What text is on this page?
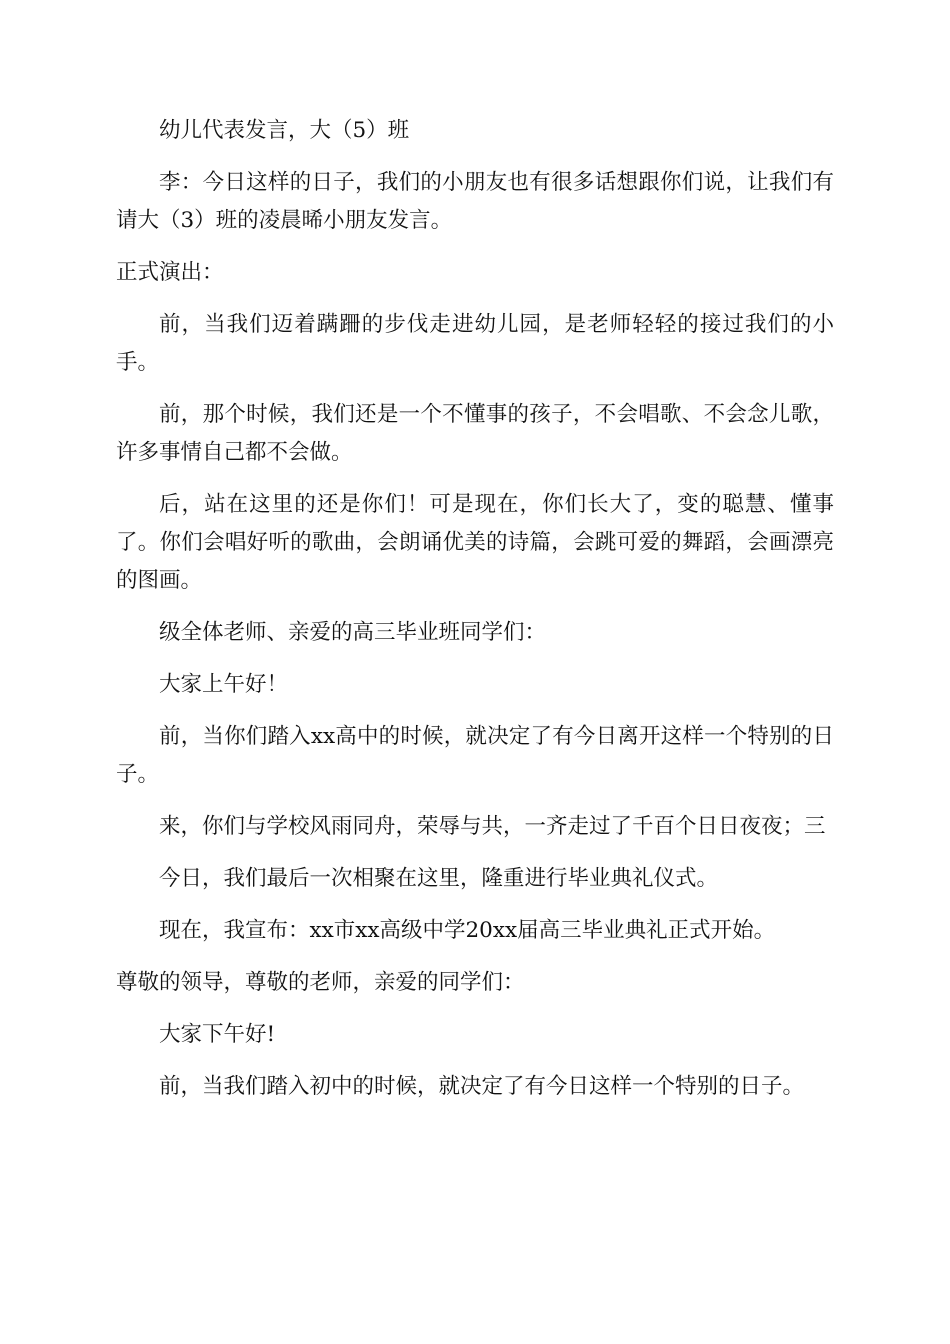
幼儿代表发言，大（5）班

李：今日这样的日子，我们的小朋友也有很多话想跟你们说，让我们有请大（3）班的凌晨晞小朋友发言。

正式演出：

前，当我们迈着蹒跚的步伐走进幼儿园，是老师轻轻的接过我们的小手。

前，那个时候，我们还是一个不懂事的孩子，不会唱歌、不会念儿歌，许多事情自己都不会做。

后，站在这里的还是你们！可是现在，你们长大了，变的聪慧、懂事了。你们会唱好听的歌曲，会朗诵优美的诗篇，会跳可爱的舞蹈，会画漂亮的图画。

级全体老师、亲爱的高三毕业班同学们：

大家上午好！

前，当你们踏入xx高中的时候，就决定了有今日离开这样一个特别的日子。

来，你们与学校风雨同舟，荣辱与共，一齐走过了千百个日日夜夜；三

今日，我们最后一次相聚在这里，隆重进行毕业典礼仪式。

现在，我宣布：xx市xx高级中学20xx届高三毕业典礼正式开始。

尊敬的领导，尊敬的老师，亲爱的同学们：

大家下午好!

前，当我们踏入初中的时候，就决定了有今日这样一个特别的日子。
